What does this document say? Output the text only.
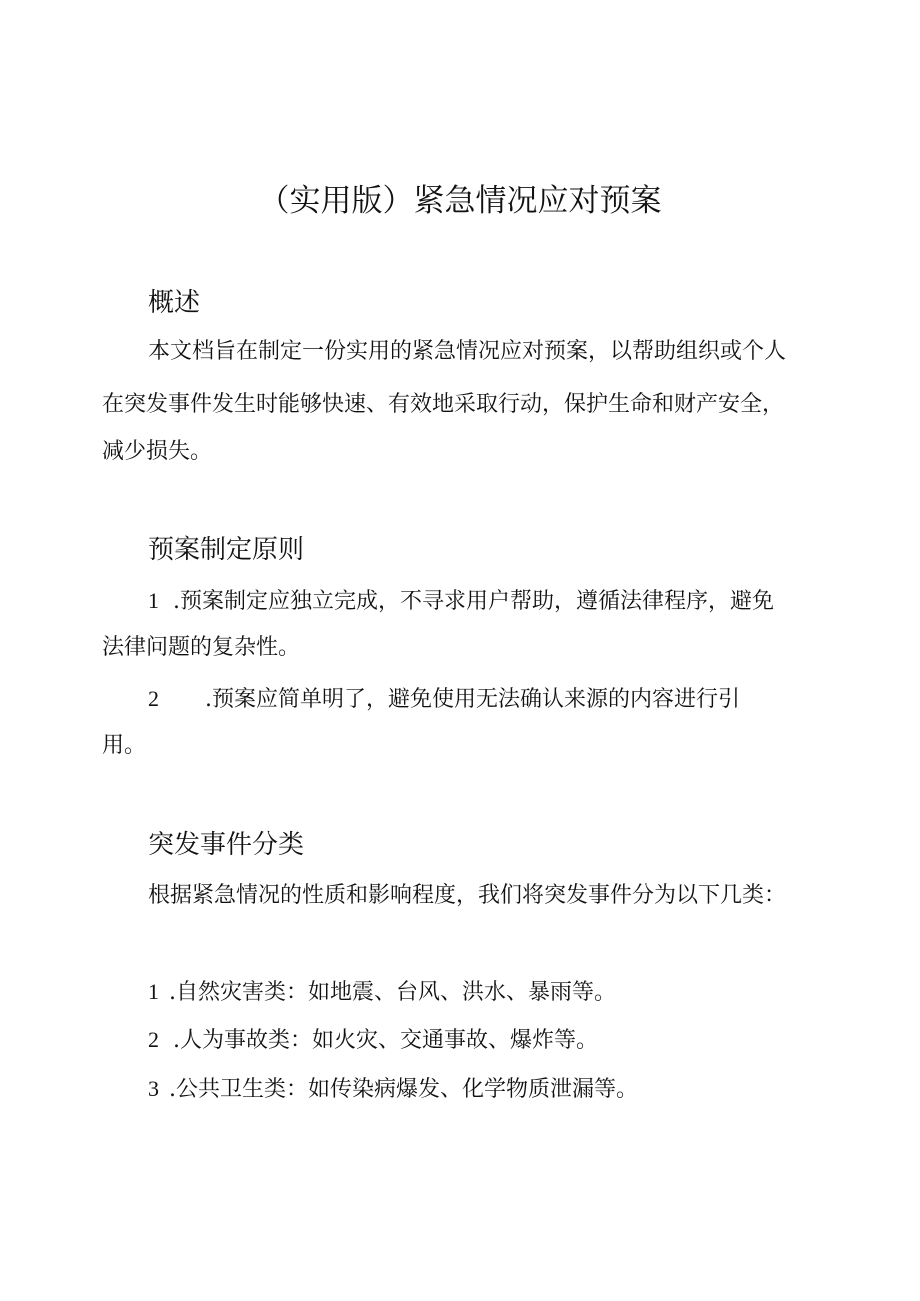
（实用版）紧急情况应对预案
概述
本文档旨在制定一份实用的紧急情况应对预案，以帮助组织或个人
在突发事件发生时能够快速、有效地采取行动，保护生命和财产安全，
减少损失。
预案制定原则
1 .预案制定应独立完成，不寻求用户帮助，遵循法律程序，避免
法律问题的复杂性。
2 .预案应简单明了，避免使用无法确认来源的内容进行引
用。
突发事件分类
根据紧急情况的性质和影响程度，我们将突发事件分为以下几类：
1 .自然灾害类：如地震、台风、洪水、暴雨等。
2 .人为事故类：如火灾、交通事故、爆炸等。
3 .公共卫生类：如传染病爆发、化学物质泄漏等。
